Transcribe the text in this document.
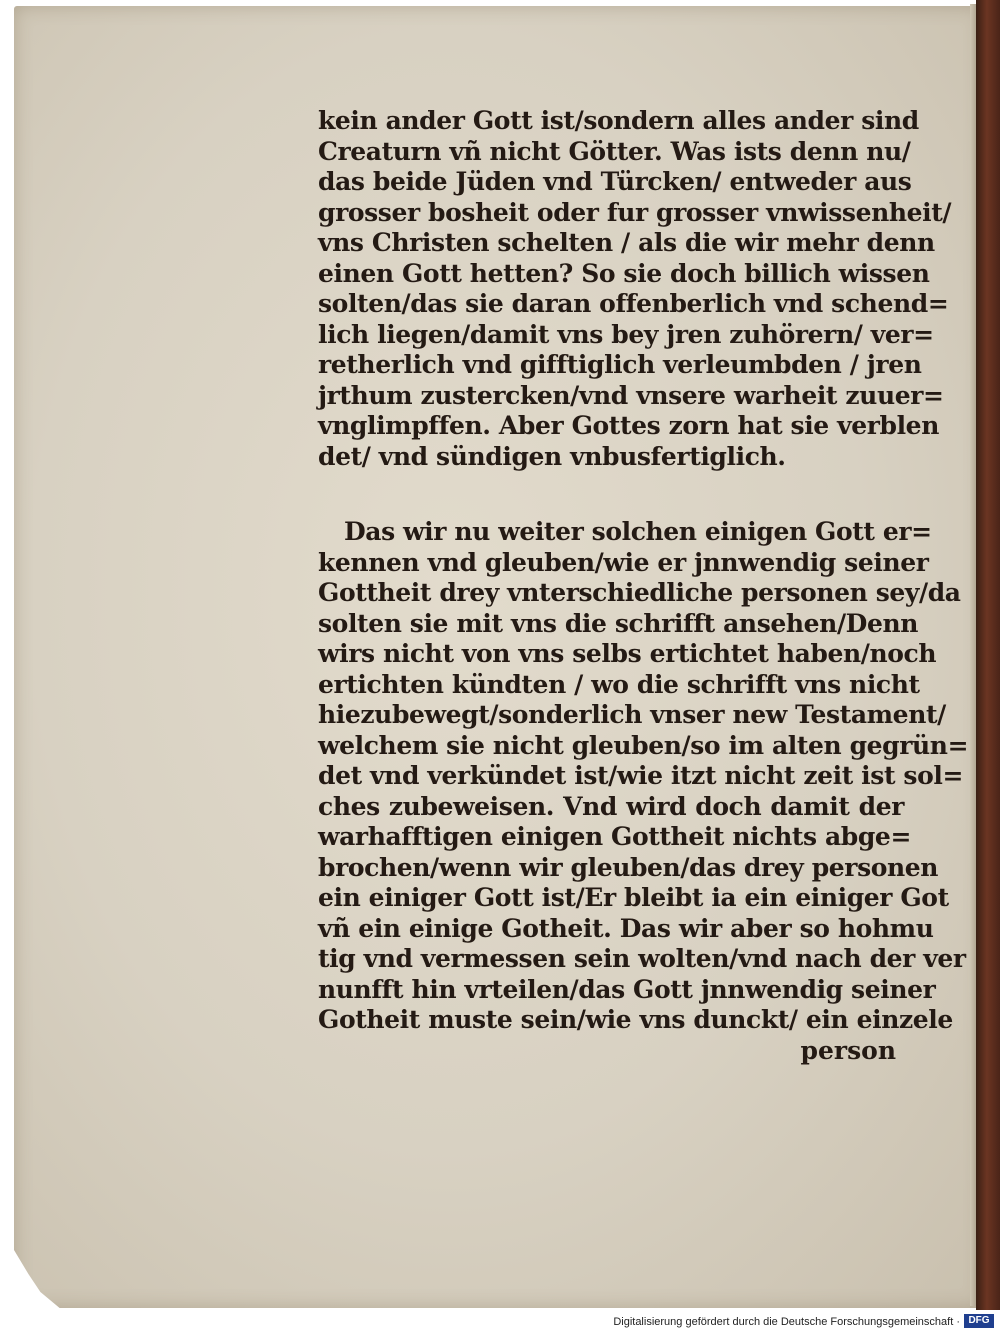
kein ander Gott ist/sondern alles ander sind
Creaturn vñ nicht Götter. Was ists denn nu/
das beide Jüden vnd Türcken/ entweder aus
grosser bosheit oder fur grosser vnwissenheit/
vns Christen schelten / als die wir mehr denn
einen Gott hetten? So sie doch billich wissen
solten/das sie daran offenberlich vnd schend=
lich liegen/damit vns bey jren zuhörern/ ver=
retherlich vnd gifftiglich verleumbden / jren
jrthum zustercken/vnd vnsere warheit zuuer=
vnglimpffen. Aber Gottes zorn hat sie verblen
det/ vnd sündigen vnbusfertiglich.
Das wir nu weiter solchen einigen Gott er=
kennen vnd gleuben/wie er jnnwendig seiner
Gottheit drey vnterschiedliche personen sey/da
solten sie mit vns die schrifft ansehen/Denn
wirs nicht von vns selbs ertichtet haben/noch
ertichten kündten / wo die schrifft vns nicht
hiezubewegt/sonderlich vnser new Testament/
welchem sie nicht gleuben/so im alten gegrün=
det vnd verkündet ist/wie itzt nicht zeit ist sol=
ches zubeweisen. Vnd wird doch damit der
warhafftigen einigen Gottheit nichts abge=
brochen/wenn wir gleuben/das drey personen
ein einiger Gott ist/Er bleibt ia ein einiger Got
vñ ein einige Gotheit. Das wir aber so hohmu
tig vnd vermessen sein wolten/vnd nach der ver
nunfft hin vrteilen/das Gott jnnwendig seiner
Gotheit muste sein/wie vns dunckt/ ein einzele
person
Digitalisierung gefördert durch die Deutsche Forschungsgemeinschaft · DFG
